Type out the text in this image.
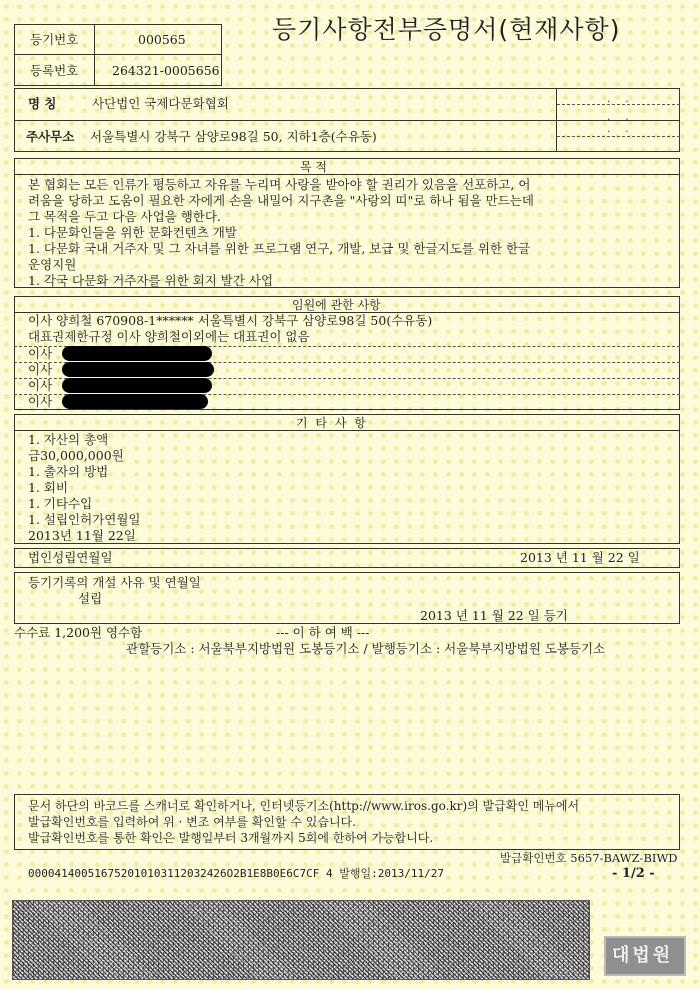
등기사항전부증명서(현재사항)
등기번호	000565
등록번호	264321-0005656
명 칭	사단법인 국제다문화협회	. .
주사무소 서울특별시 강북구 삼양로98길 50, 지하1층(수유동)
. .
. .
목 적
본 협회는 모든 인류가 평등하고 자유를 누리며 사랑을 받아야 할 권리가 있음을 선포하고, 어
려움을 당하고 도움이 필요한 자에게 손을 내밀어 지구촌을 "사랑의 띠"로 하나 됨을 만드는데
그 목적을 두고 다음 사업을 행한다.
1. 다문화인들을 위한 문화컨텐츠 개발
1. 다문화 국내 거주자 및 그 자녀를 위한 프로그램 연구, 개발, 보급 및 한글지도를 위한 한글
운영지원
1. 각국 다문화 거주자를 위한 회지 발간 사업
임원에 관한 사항
이사 양희철 670908-1****** 서울특별시 강북구 삼양로98길 50(수유동)
대표권제한규정 이사 양희철이외에는 대표권이 없음
이사
이사
이사
이사
기 타 사 항
1. 자산의 총액
금30,000,000원
1. 출자의 방법
1. 회비
1. 기타수입
1. 설립인허가연월일
2013년 11월 22일
법인성립연월일	2013 년 11 월 22 일
등기기록의 개설 사유 및 연월일
설립
2013 년 11 월 22 일 등기
수수료 1,200원 영수함	--- 이 하 여 백 ---
관할등기소 : 서울북부지방법원 도봉등기소 / 발행등기소 : 서울북부지방법원 도봉등기소
문서 하단의 바코드를 스캐너로 확인하거나, 인터넷등기소(http://www.iros.go.kr)의 발급확인 메뉴에서
발급확인번호를 입력하여 위 · 변조 여부를 확인할 수 있습니다.
발급확인번호를 통한 확인은 발행일부터 3개월까지 5회에 한하여 가능합니다.
발급확인번호 5657-BAWZ-BIWD
000041400516752010103112032426O2B1E8B0E6C7CF 4 발행일:2013/11/27	- 1/2 -
대법원
